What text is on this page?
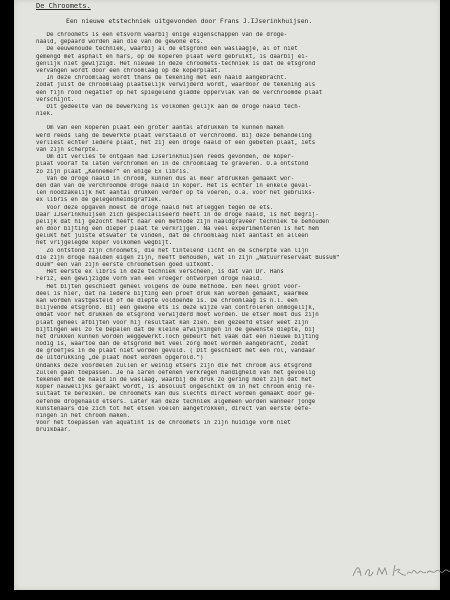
De Chroomets.
Een nieuwe etstechniek uitgevonden door Frans J.IJserinkhuijsen.
De chroomets is een etsvorm waarbij enige eigenschappen van de droge-
naald, gepaard worden aan die van de gewone ets.
De eeuwenoude techniek, waarbij al de etsgrond een waslaagje, al of niet
gemengd met asphalt en hars, op de koperen plaat werd gebruikt, is daarbij ei-
genlijk niet gewijzigd. Het nieuwe in deze chroomets-techniek is dat de etsgrond
vervangen wordt door een chroomlaag op de koperplaat.
In deze chroomlaag wordt thans de tekening met een naald aangebracht.
zodat juist de chroomlaag plaatselijk verwijderd wordt, waardoor de tekening als
een fijn rood negatief op het spiegelend gladde oppervlak van de verchroomde plaat
verschijnt.
Dit gedeelte van de bewerking is volkomen gelijk aan de droge naald tech-
niek.
Om van een koperen plaat een groter aantal afdrukken te kunnen maken
werd reeds lang de bewerkte plaat verstaald of verchroomd. Bij deze behandeling
verliest echter iedere plaat, het zij een droge naald of een gebeten plaat, iets
van zijn scherpte.
Om dit verlies te ontgaan had IJserinkhuijsen reeds gevonden, de koper-
plaat vooraf te laten verchromen en in de chroomlaag te graveren. O.a ontstond
zo zijn plaat „Kennemer“ en enige Ex libris.
Van de droge naald in chroom, kunnen dus al meer afdrukken gemaakt wor-
den dan van de verchroomde droge naald in koper. Het is echter in enkele geval-
len noodzakelijk het aantal drukken verder op te voeren, o.a. voor het gebruiks-
ex libris en de gelegenheidsgrafiek.
Voor deze opgaven moest de droge naald het afleggen tegen de ets.
Daar IJserinkhuijsen zich gespecialiseerd heeft in de droge naald, is het begrij-
pelijk dat hij gezocht heeft naar een methode zijn naaldgraveer techniek te behouden
en door bijting een dieper plaat te verkrijgen. Na veel experimenteren is het hem
gelukt het juiste etswater te vinden, dat de chroomlaag niet aantast en alleen
het vrijgelegde koper volkomen wegbijt.
Zo ontstond zijn chroomets, die het tintelend licht en de scherpte van lijn
die zijn droge naalden eigen zijn, heeft behouden, wat in zijn „Natuurreservaat Bussum“
duum“ een van zijn eerste chroometsen goed uitkomt.
Het eerste ex libris in deze techniek verscheen, is dat van Dr. Hans
Feriz, een gewijzigde vorm van een vroeger ontworpen droge naald.
Het bijten geschiedt geheel volgens de oude methode. Een heel groot voor-
deel is hier, dat na iedere bijting een proef druk kan worden gemaakt, waarmee
kan worden vastgesteld of de diepte voldoende is. De chroomlaag is n.l. een
blijvende etsgrond. Bij een gewone ets is deze wijze van controleren onmogelijk,
omdat voor het drukken de etsgrond verwijderd moet worden. De etser moet dus zijn
plaat geheel afbijten voor hij resultaat kan zien. Een gezeefd etser weet zijn
bijtingen wel zo te bepalen dat de kleine afwijkingen in de gewenste diepte, bij
het drukken kunnen worden weggewerkt.Toch gebeurt het vaak dat een nieuwe bijting
nodig is, waartoe dan de etsgrond met veel zorg moet worden aangebracht, zodat
de groefjes in de plaat niet worden gevuld. ( Dit geschiedt met een rol, vandaar
de uitdrukking „de plaat moet worden opgerold.“)
Ondanks deze voordelen zullen er weinig etsers zijn die het chroom als etsgrond
zullen gaan toepassen. Je na iaren oefenen verkregen handigheid van het gevoelig
tekenen met de naald in de waslaag, waarbij de druk zo gering moet zijn dat het
koper nauwelijks geraakt wordt, is absoluut ongeschikt om in het chroom enig re-
sultaat te bereiken. De chroomets kan dus slechts direct worden gemaakt door ge-
oefende drogenaald etsers. Later kan deze techniek algemeen worden wanneer jonge
kunstenaars die zich tot het etsen voelen aangetrokken, direct van eerste oefe-
ningen in het chroom maken.
Voor het toepassen van aquatint is de chroomets in zijn huidige vorm niet
bruikbaar.
